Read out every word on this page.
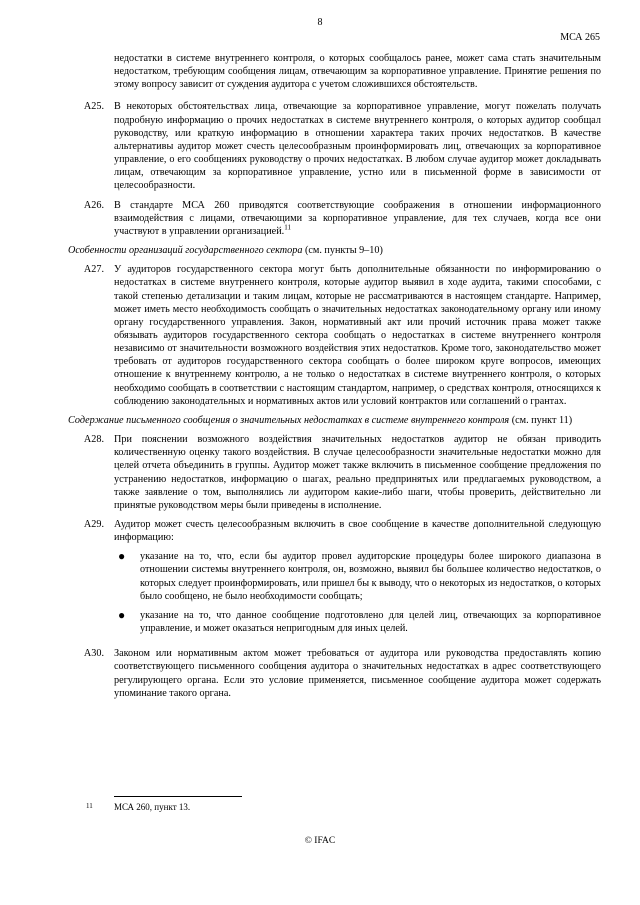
8
МСА 265

недостатки в системе внутреннего контроля, о которых сообщалось ранее, может сама стать значительным недостатком, требующим сообщения лицам, отвечающим за корпоративное управление. Принятие решения по этому вопросу зависит от суждения аудитора с учетом сложившихся обстоятельств.

A25. В некоторых обстоятельствах лица, отвечающие за корпоративное управление, могут пожелать получать подробную информацию о прочих недостатках в системе внутреннего контроля, о которых аудитор сообщал руководству, или краткую информацию в отношении характера таких прочих недостатков. В качестве альтернативы аудитор может счесть целесообразным проинформировать лиц, отвечающих за корпоративное управление, о его сообщениях руководству о прочих недостатках. В любом случае аудитор может докладывать лицам, отвечающим за корпоративное управление, устно или в письменной форме в зависимости от целесообразности.

A26. В стандарте МСА 260 приводятся соответствующие соображения в отношении информационного взаимодействия с лицами, отвечающими за корпоративное управление, для тех случаев, когда все они участвуют в управлении организацией.$^{11}$

Особенности организаций государственного сектора (см. пункты 9–10)

A27. У аудиторов государственного сектора могут быть дополнительные обязанности по информированию о недостатках в системе внутреннего контроля, которые аудитор выявил в ходе аудита, такими способами, с такой степенью детализации и таким лицам, которые не рассматриваются в настоящем стандарте. Например, может иметь место необходимость сообщать о значительных недостатках законодательному органу или иному органу государственного управления. Закон, нормативный акт или прочий источник права может также обязывать аудиторов государственного сектора сообщать о недостатках в системе внутреннего контроля независимо от значительности возможного воздействия этих недостатков. Кроме того, законодательство может требовать от аудиторов государственного сектора сообщать о более широком круге вопросов, имеющих отношение к внутреннему контролю, а не только о недостатках в системе внутреннего контроля, о которых необходимо сообщать в соответствии с настоящим стандартом, например, о средствах контроля, относящихся к соблюдению законодательных и нормативных актов или условий контрактов или соглашений о грантах.

Содержание письменного сообщения о значительных недостатках в системе внутреннего контроля (см. пункт 11)

A28. При пояснении возможного воздействия значительных недостатков аудитор не обязан приводить количественную оценку такого воздействия. В случае целесообразности значительные недостатки можно для целей отчета объединить в группы. Аудитор может также включить в письменное сообщение предложения по устранению недостатков, информацию о шагах, реально предпринятых или предлагаемых руководством, а также заявление о том, выполнялись ли аудитором какие-либо шаги, чтобы проверить, действительно ли принятые руководством меры были приведены в исполнение.

A29. Аудитор может счесть целесообразным включить в свое сообщение в качестве дополнительной следующую информацию:

●	указание на то, что, если бы аудитор провел аудиторские процедуры более широкого диапазона в отношении системы внутреннего контроля, он, возможно, выявил бы большее количество недостатков, о которых следует проинформировать, или пришел бы к выводу, что о некоторых из недостатков, о которых было сообщено, не было необходимости сообщать;
●	указание на то, что данное сообщение подготовлено для целей лиц, отвечающих за корпоративное управление, и может оказаться непригодным для иных целей.
A30. Законом или нормативным актом может требоваться от аудитора или руководства предоставлять копию соответствующего письменного сообщения аудитора о значительных недостатках в адрес соответствующего регулирующего органа. Если это условие применяется, письменное сообщение аудитора может содержать упоминание такого органа.

11 МСА 260, пункт 13.
© IFAC
